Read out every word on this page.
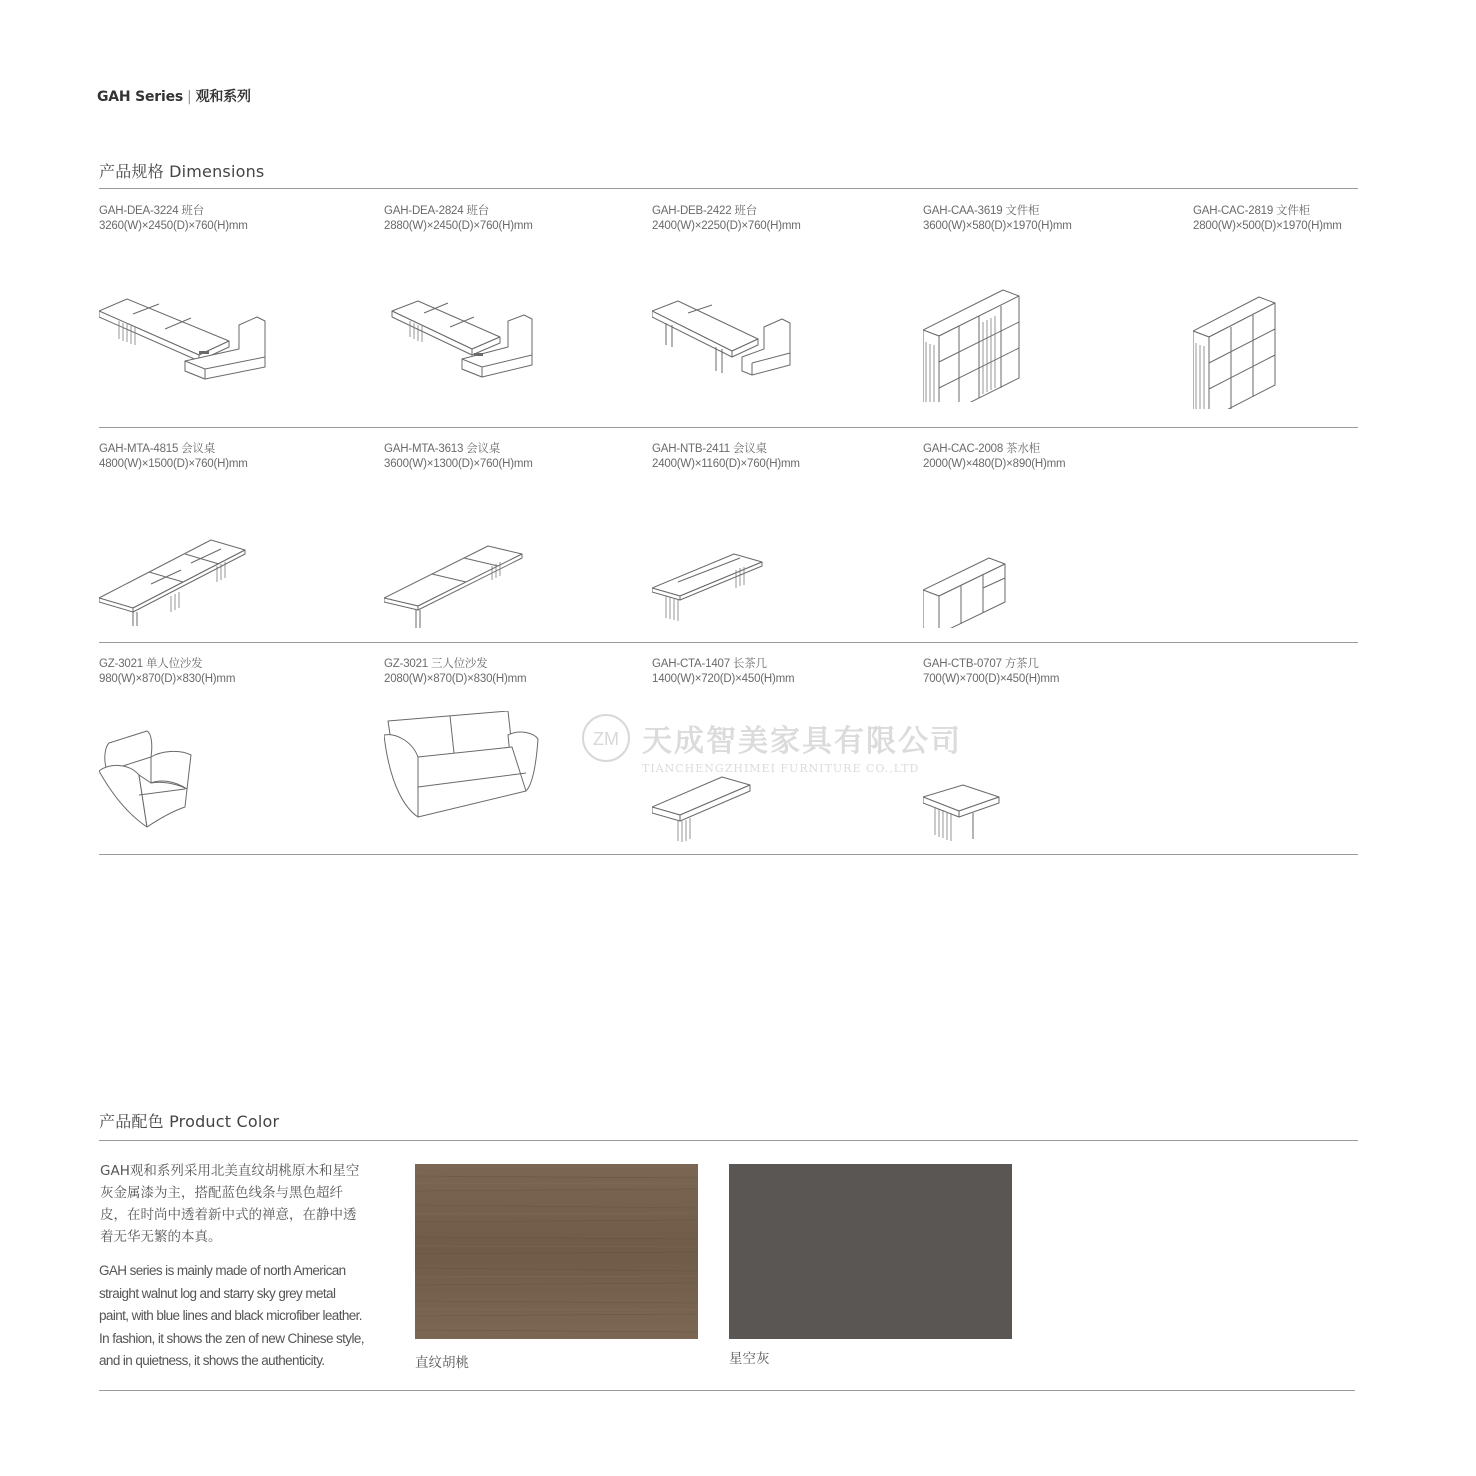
GAH Series | 观和系列
产品规格 Dimensions
GAH-DEA-3224 班台
3260(W)×2450(D)×760(H)mm
GAH-DEA-2824 班台
2880(W)×2450(D)×760(H)mm
GAH-DEB-2422 班台
2400(W)×2250(D)×760(H)mm
GAH-CAA-3619 文件柜
3600(W)×580(D)×1970(H)mm
GAH-CAC-2819 文件柜
2800(W)×500(D)×1970(H)mm
GAH-MTA-4815 会议桌
4800(W)×1500(D)×760(H)mm
GAH-MTA-3613 会议桌
3600(W)×1300(D)×760(H)mm
GAH-NTB-2411 会议桌
2400(W)×1160(D)×760(H)mm
GAH-CAC-2008 茶水柜
2000(W)×480(D)×890(H)mm
GZ-3021 单人位沙发
980(W)×870(D)×830(H)mm
GZ-3021 三人位沙发
2080(W)×870(D)×830(H)mm
GAH-CTA-1407 长茶几
1400(W)×720(D)×450(H)mm
GAH-CTB-0707 方茶几
700(W)×700(D)×450(H)mm
ZM 天成智美家具有限公司
TIANCHENGZHIMEI FURNITURE CO.,LTD
产品配色 Product Color
GAH观和系列采用北美直纹胡桃原木和星空灰金属漆为主，搭配蓝色线条与黑色超纤皮，在时尚中透着新中式的禅意，在静中透着无华无繁的本真。
GAH series is mainly made of north American straight walnut log and starry sky grey metal paint, with blue lines and black microfiber leather. In fashion, it shows the zen of new Chinese style, and in quietness, it shows the authenticity.	直纹胡桃	星空灰
